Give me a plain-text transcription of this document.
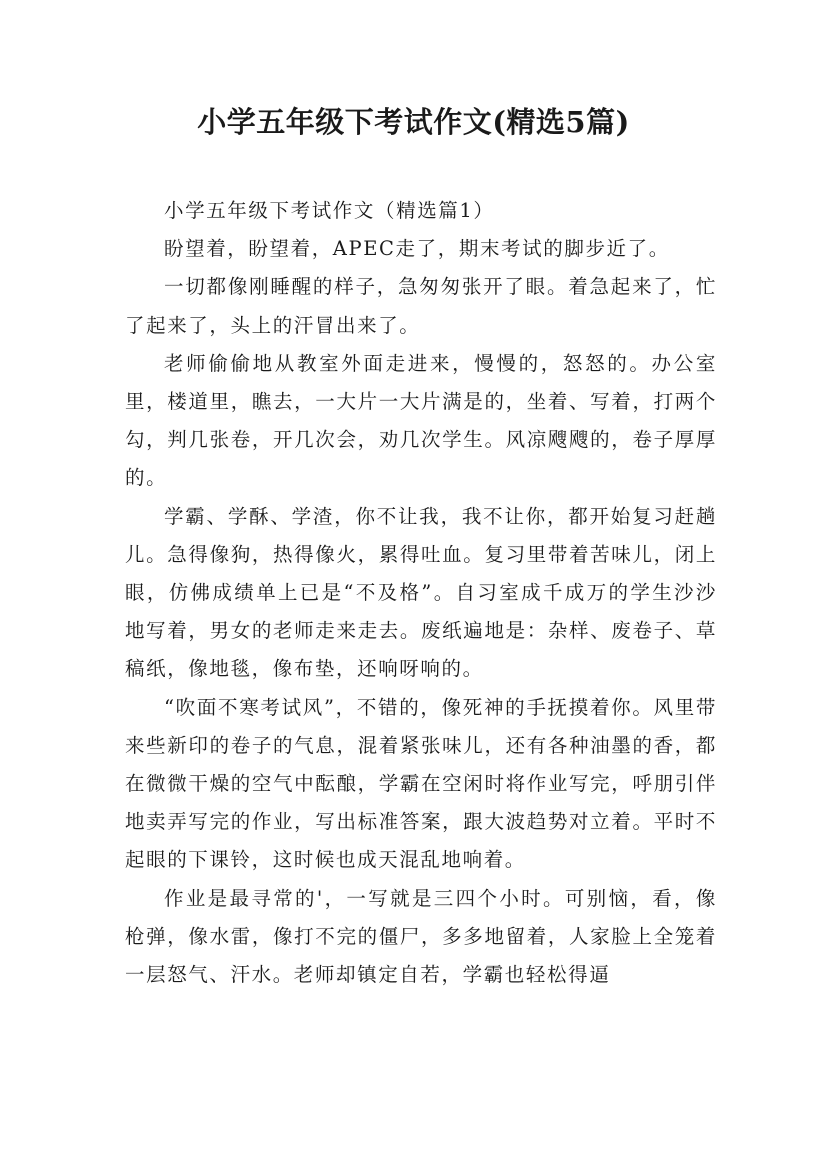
小学五年级下考试作文(精选5篇)

小学五年级下考试作文（精选篇1）

盼望着，盼望着，APEC走了，期末考试的脚步近了。

一切都像刚睡醒的样子，急匆匆张开了眼。着急起来了，忙了起来了，头上的汗冒出来了。

老师偷偷地从教室外面走进来，慢慢的，怒怒的。办公室里，楼道里，瞧去，一大片一大片满是的，坐着、写着，打两个勾，判几张卷，开几次会，劝几次学生。风凉飕飕的，卷子厚厚的。

学霸、学酥、学渣，你不让我，我不让你，都开始复习赶趟儿。急得像狗，热得像火，累得吐血。复习里带着苦味儿，闭上眼，仿佛成绩单上已是“不及格”。自习室成千成万的学生沙沙地写着，男女的老师走来走去。废纸遍地是：杂样、废卷子、草稿纸，像地毯，像布垫，还响呀响的。

“吹面不寒考试风”，不错的，像死神的手抚摸着你。风里带来些新印的卷子的气息，混着紧张味儿，还有各种油墨的香，都在微微干燥的空气中酝酿，学霸在空闲时将作业写完，呼朋引伴地卖弄写完的作业，写出标准答案，跟大波趋势对立着。平时不起眼的下课铃，这时候也成天混乱地响着。

作业是最寻常的'，一写就是三四个小时。可别恼，看，像枪弹，像水雷，像打不完的僵尸，多多地留着，人家脸上全笼着一层怒气、汗水。老师却镇定自若，学霸也轻松得逼
